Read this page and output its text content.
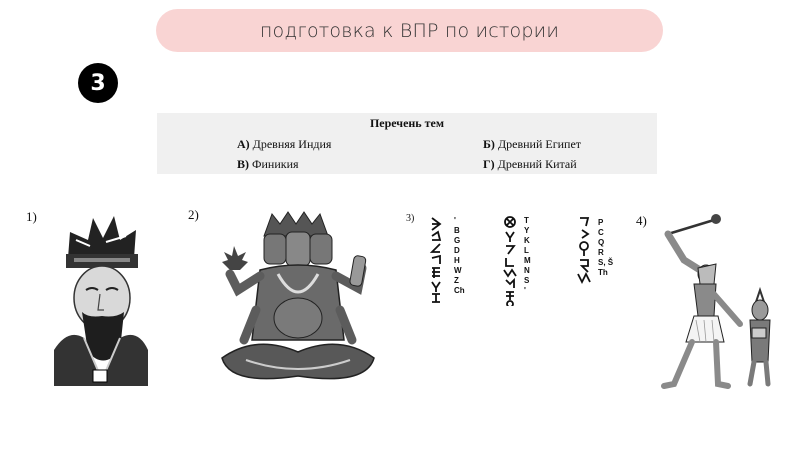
подготовка к ВПР по истории
3
Перечень тем
А) Древняя Индия	Б) Древний Египет
В) Финикия	Г) Древний Китай
1)	2)	3)	'
B
G
D
H
W
Z
Ch
T
Y
K
L
M
N
S
'
P
C
Q
R
S, Š
Th
4)
